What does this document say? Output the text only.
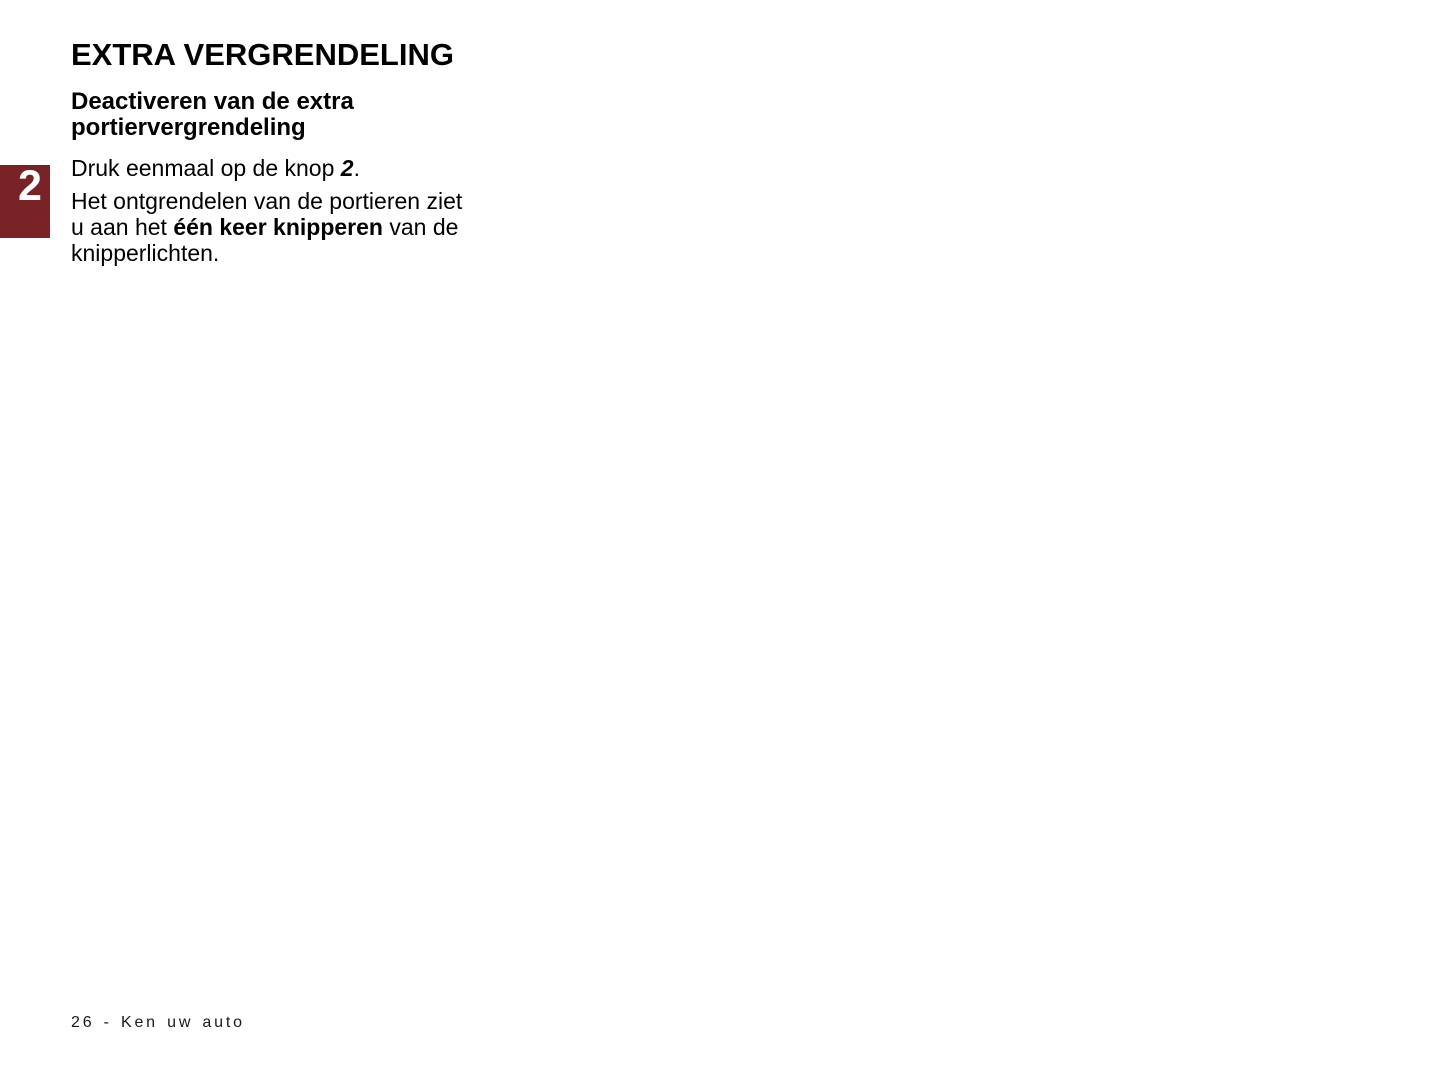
2
EXTRA VERGRENDELING
Deactiveren van de extra portiervergrendeling

Druk eenmaal op de knop 2.

Het ontgrendelen van de portieren ziet u aan het één keer knipperen van de knipperlichten.

26 - Ken uw auto
